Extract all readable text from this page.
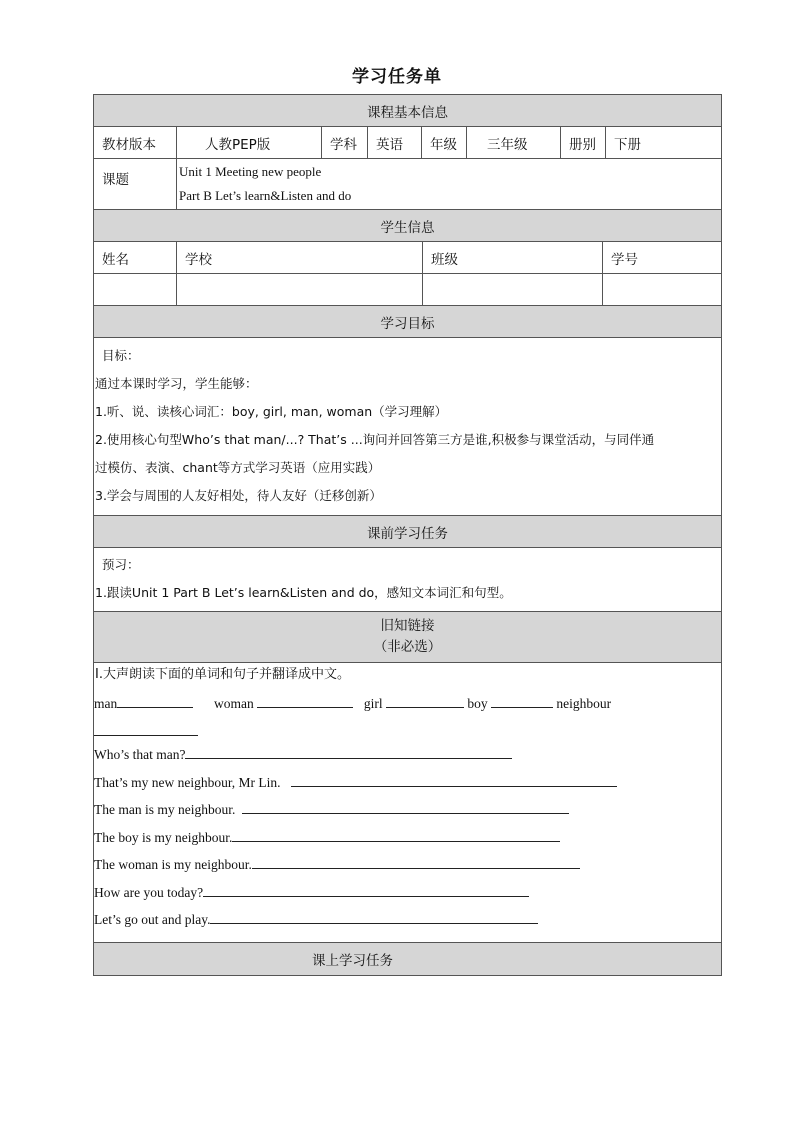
学习任务单
课程基本信息
教材版本	人教PEP版	学科	英语	年级	三年级	册别	下册
课题
Unit 1 Meeting new people
Part B Let’s learn&Listen and do
学生信息
姓名	学校	班级	学号
学习目标
目标：
通过本课时学习，学生能够：
1.听、说、读核心词汇：boy, girl, man, woman（学习理解）
2.使用核心句型Who’s that man/...? That’s ...询问并回答第三方是谁,积极参与课堂活动，与同伴通
过模仿、表演、chant等方式学习英语（应用实践）
3.学会与周围的人友好相处，待人友好（迁移创新）
课前学习任务
预习：
1.跟读Unit 1 Part B Let’s learn&Listen and do，感知文本词汇和句型。
旧知链接
（非必选）
I.大声朗读下面的单词和句子并翻译成中文。
man	woman	girl	boy	neighbour
Who’s that man?
That’s my new neighbour, Mr Lin.
The man is my neighbour.
The boy is my neighbour.
The woman is my neighbour.
How are you today?
Let’s go out and play.
课上学习任务
